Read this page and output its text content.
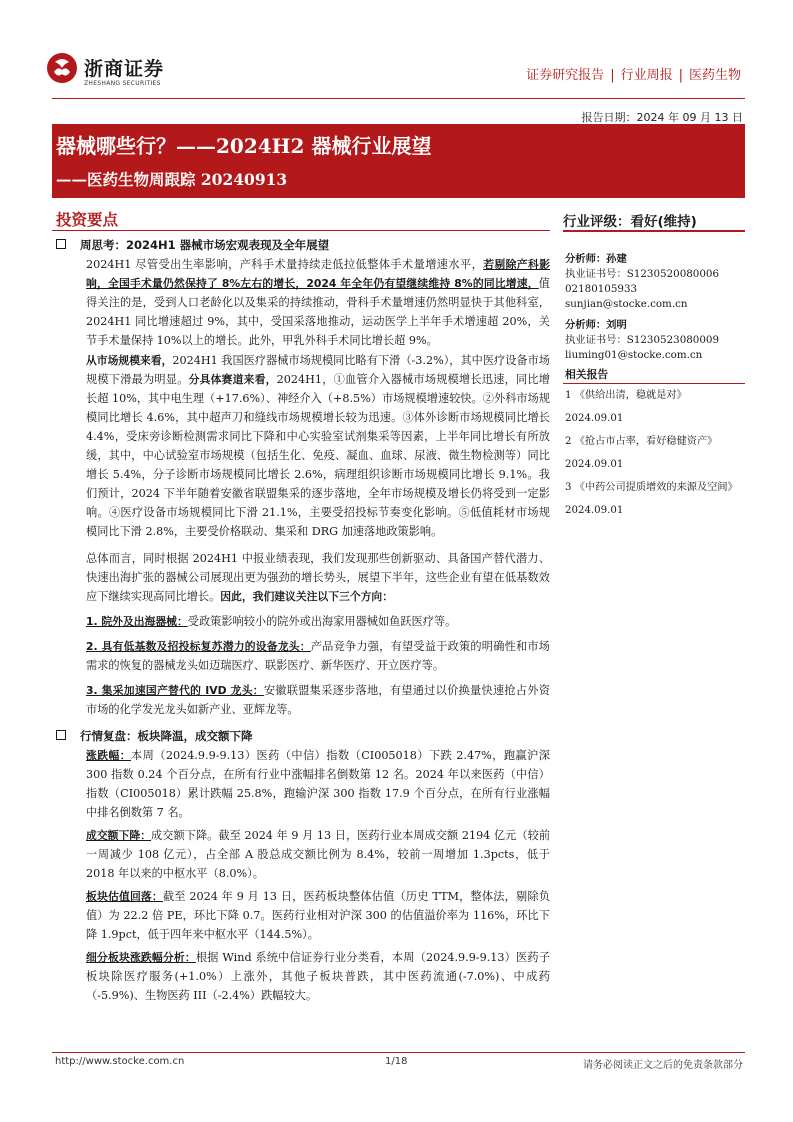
浙商证券
ZHESHANG SECURITIES
证券研究报告 | 行业周报 | 医药生物
报告日期：2024 年 09 月 13 日
器械哪些行？——2024H2 器械行业展望
——医药生物周跟踪 20240913
投资要点	行业评级：看好(维持)

周思考：2024H1 器械市场宏观表现及全年展望

2024H1 尽管受出生率影响，产科手术量持续走低拉低整体手术量增速水平，若剔除产科影响，全国手术量仍然保持了 8%左右的增长，2024 年全年仍有望继续维持 8%的同比增速，值得关注的是，受到人口老龄化以及集采的持续推动，骨科手术量增速仍然明显快于其他科室，2024H1 同比增速超过 9%，其中，受国采落地推动，运动医学上半年手术增速超 20%，关节手术量保持 10%以上的增长。此外，甲乳外科手术同比增长超 9%。

从市场规模来看，2024H1 我国医疗器械市场规模同比略有下滑（-3.2%），其中医疗设备市场规模下滑最为明显。分具体赛道来看，2024H1，①血管介入器械市场规模增长迅速，同比增长超 10%，其中电生理（+17.6%）、神经介入（+8.5%）市场规模增速较快。②外科市场规模同比增长 4.6%，其中超声刀和缝线市场规模增长较为迅速。③体外诊断市场规模同比增长 4.4%，受床旁诊断检测需求同比下降和中心实验室试剂集采等因素，上半年同比增长有所放缓，其中，中心试验室市场规模（包括生化、免疫、凝血、血球、尿液、微生物检测等）同比增长 5.4%，分子诊断市场规模同比增长 2.6%，病理组织诊断市场规模同比增长 9.1%。我们预计，2024 下半年随着安徽省联盟集采的逐步落地，全年市场规模及增长仍将受到一定影响。④医疗设备市场规模同比下滑 21.1%，主要受招投标节奏变化影响。⑤低值耗材市场规模同比下滑 2.8%，主要受价格联动、集采和 DRG 加速落地政策影响。

总体而言，同时根据 2024H1 中报业绩表现，我们发现那些创新驱动、具备国产替代潜力、快速出海扩张的器械公司展现出更为强劲的增长势头，展望下半年，这些企业有望在低基数效应下继续实现高同比增长。因此，我们建议关注以下三个方向：

1. 院外及出海器械：受政策影响较小的院外或出海家用器械如鱼跃医疗等。

2. 具有低基数及招投标复苏潜力的设备龙头：产品竞争力强，有望受益于政策的明确性和市场需求的恢复的器械龙头如迈瑞医疗、联影医疗、新华医疗、开立医疗等。

3. 集采加速国产替代的 IVD 龙头：安徽联盟集采逐步落地，有望通过以价换量快速抢占外资市场的化学发光龙头如新产业、亚辉龙等。

行情复盘：板块降温，成交额下降

涨跌幅：本周（2024.9.9-9.13）医药（中信）指数（CI005018）下跌 2.47%，跑赢沪深 300 指数 0.24 个百分点，在所有行业中涨幅排名倒数第 12 名。2024 年以来医药（中信）指数（CI005018）累计跌幅 25.8%，跑输沪深 300 指数 17.9 个百分点，在所有行业涨幅中排名倒数第 7 名。

成交额下降：成交额下降。截至 2024 年 9 月 13 日，医药行业本周成交额 2194 亿元（较前一周减少 108 亿元），占全部 A 股总成交额比例为 8.4%，较前一周增加 1.3pcts，低于 2018 年以来的中枢水平（8.0%）。

板块估值回落：截至 2024 年 9 月 13 日，医药板块整体估值（历史 TTM，整体法，剔除负值）为 22.2 倍 PE，环比下降 0.7。医药行业相对沪深 300 的估值溢价率为 116%，环比下降 1.9pct，低于四年来中枢水平（144.5%）。

细分板块涨跌幅分析：根据 Wind 系统中信证券行业分类看，本周（2024.9.9-9.13）医药子板块除医疗服务(+1.0%）上涨外，其他子板块普跌，其中医药流通(-7.0%)、中成药（-5.9%)、生物医药 III（-2.4%）跌幅较大。

分析师：孙建
执业证书号：S1230520080006
02180105933
sunjian@stocke.com.cn
分析师：刘明
执业证书号：S1230523080009
liuming01@stocke.com.cn
相关报告
1 《供给出清，稳就是对》 2024.09.01
2 《抢占市占率，看好稳健资产》 2024.09.01
3 《中药公司提质增效的来源及空间》 2024.09.01
http://www.stocke.com.cn	1/18	请务必阅读正文之后的免责条款部分
